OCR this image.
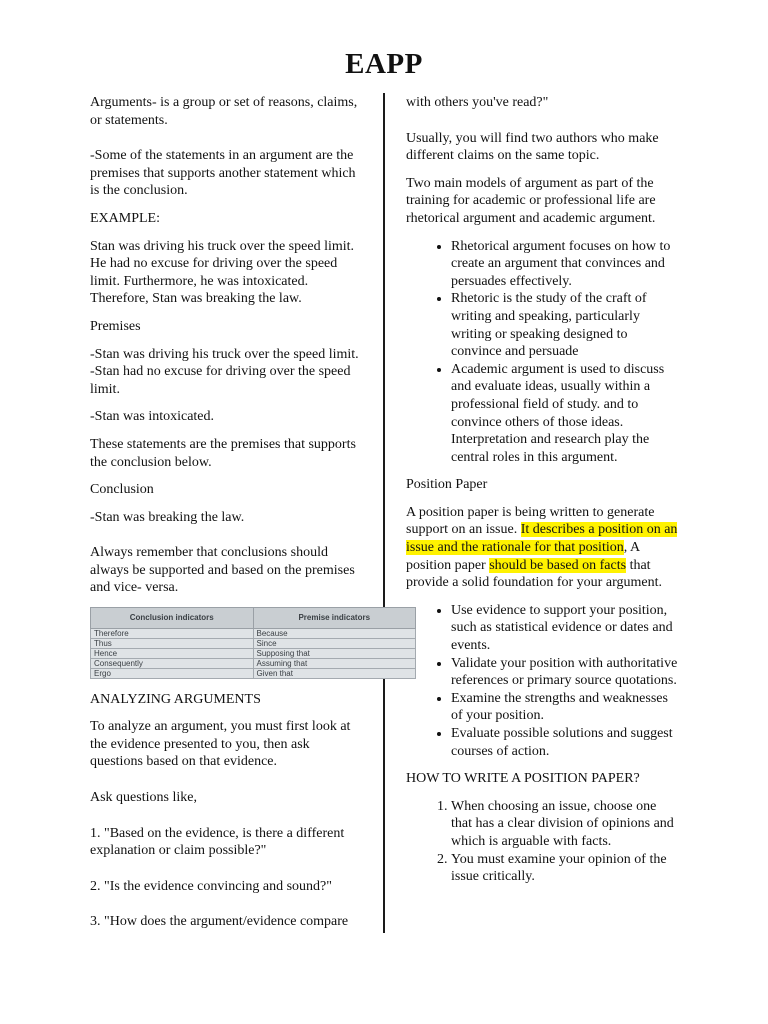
EAPP

Arguments- is a group or set of reasons, claims, or statements.

-Some of the statements in an argument are the premises that supports another statement which is the conclusion.

EXAMPLE:

Stan was driving his truck over the speed limit. He had no excuse for driving over the speed limit. Furthermore, he was intoxicated. Therefore, Stan was breaking the law.

Premises

-Stan was driving his truck over the speed limit.
-Stan had no excuse for driving over the speed limit.

-Stan was intoxicated.

These statements are the premises that supports the conclusion below.

Conclusion

-Stan was breaking the law.

Always remember that conclusions should always be supported and based on the premises and vice- versa.

Conclusion indicators	Premise indicators
Therefore	Because
Thus	Since
Hence	Supposing that
Consequently	Assuming that
Ergo	Given that

ANALYZING ARGUMENTS

To analyze an argument, you must first look at the evidence presented to you, then ask questions based on that evidence.

Ask questions like,

1. "Based on the evidence, is there a different explanation or claim possible?"

2. "Is the evidence convincing and sound?"

3. "How does the argument/evidence compare

with others you've read?"

Usually, you will find two authors who make different claims on the same topic.

Two main models of argument as part of the training for academic or professional life are rhetorical argument and academic argument.

• Rhetorical argument focuses on how to create an argument that convinces and persuades effectively.
• Rhetoric is the study of the craft of writing and speaking, particularly writing or speaking designed to convince and persuade
• Academic argument is used to discuss and evaluate ideas, usually within a professional field of study. and to convince others of those ideas. Interpretation and research play the central roles in this argument.

Position Paper

A position paper is being written to generate support on an issue. It describes a position on an issue and the rationale for that position, A position paper should be based on facts that provide a solid foundation for your argument.

• Use evidence to support your position, such as statistical evidence or dates and events.
• Validate your position with authoritative references or primary source quotations.
• Examine the strengths and weaknesses of your position.
• Evaluate possible solutions and suggest courses of action.

HOW TO WRITE A POSITION PAPER?

1. When choosing an issue, choose one that has a clear division of opinions and which is arguable with facts.
2. You must examine your opinion of the issue critically.
